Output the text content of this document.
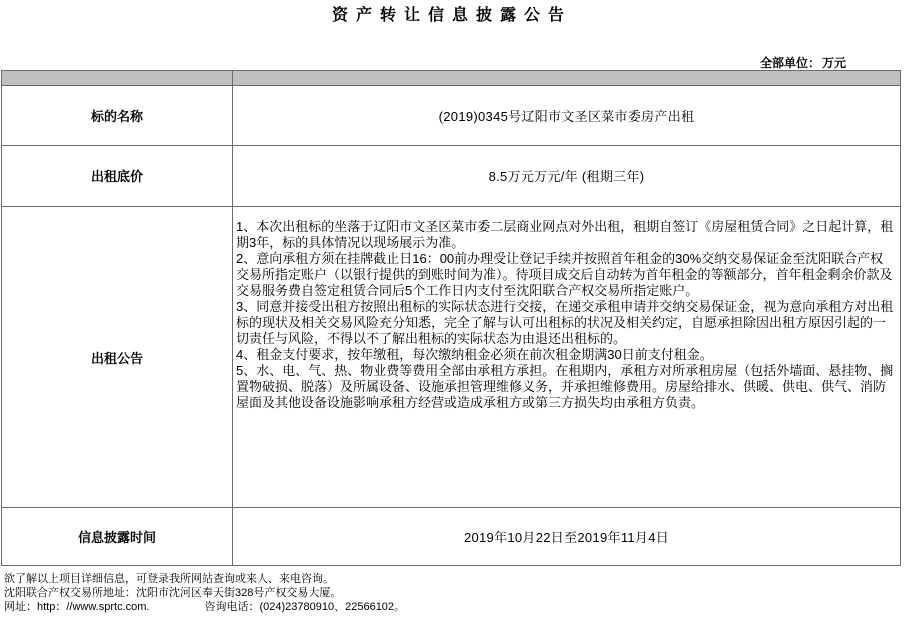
资产转让信息披露公告
全部单位： 万元

标的名称	(2019)0345号辽阳市文圣区菜市委房产出租
出租底价	8.5万元万元/年 (租期三年)
出租公告	1、本次出租标的坐落于辽阳市文圣区菜市委二层商业网点对外出租，租期自签订《房屋租赁合同》之日起计算，租期3年，标的具体情况以现场展示为准。

2、意向承租方须在挂牌截止日16：00前办理受让登记手续并按照首年租金的30%交纳交易保证金至沈阳联合产权交易所指定账户（以银行提供的到账时间为准）。待项目成交后自动转为首年租金的等额部分，首年租金剩余价款及交易服务费自签定租赁合同后5个工作日内支付至沈阳联合产权交易所指定账户。

3、同意并接受出租方按照出租标的实际状态进行交接，在递交承租申请并交纳交易保证金，视为意向承租方对出租标的现状及相关交易风险充分知悉，完全了解与认可出租标的状况及相关约定，自愿承担除因出租方原因引起的一切责任与风险，不得以不了解出租标的实际状态为由退还出租标的。

4、租金支付要求，按年缴租，每次缴纳租金必须在前次租金期满30日前支付租金。

5、水、电、气、热、物业费等费用全部由承租方承担。在租期内，承租方对所承租房屋（包括外墙面、悬挂物、搁置物破损、脱落）及所属设备、设施承担管理维修义务，并承担维修费用。房屋给排水、供暖、供电、供气、消防屋面及其他设备设施影响承租方经营或造成承租方或第三方损失均由承租方负责。

信息披露时间	2019年10月22日至2019年11月4日
欲了解以上项目详细信息，可登录我所网站查询或来人、来电咨询。
沈阳联合产权交易所地址：沈阳市沈河区奉天街328号产权交易大厦。
网址：http：//www.sprtc.com.	咨询电话：(024)23780910、22566102。
